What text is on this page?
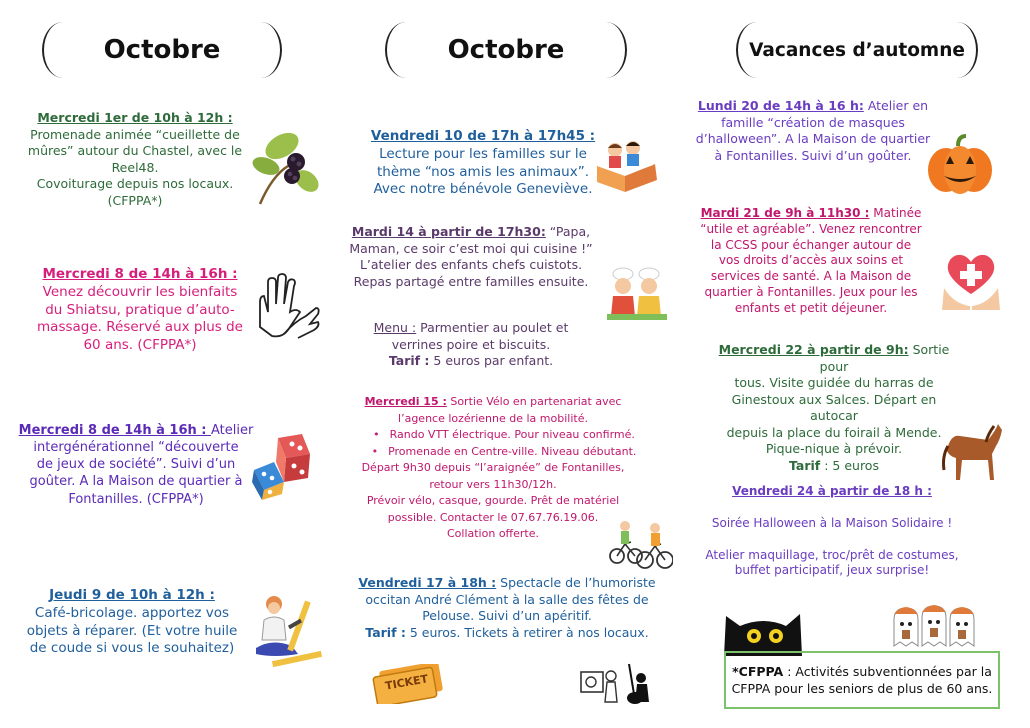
Octobre
Mercredi 1er de 10h à 12h :

Promenade animée “cueillette de

mûres” autour du Chastel, avec le

Reel48.

Covoiturage depuis nos locaux.

(CFPPA*)

Mercredi 8 de 14h à 16h :

Venez découvrir les bienfaits

du Shiatsu, pratique d’auto-

massage. Réservé aux plus de

60 ans. (CFPPA*)

Mercredi 8 de 14h à 16h : Atelier

intergénérationnel “découverte

de jeux de société”. Suivi d’un

goûter. A la Maison de quartier à

Fontanilles. (CFPPA*)

Jeudi 9 de 10h à 12h :

Café-bricolage. apportez vos

objets à réparer. (Et votre huile

de coude si vous le souhaitez)

Octobre
Vendredi 10 de 17h à 17h45 :

Lecture pour les familles sur le

thème “nos amis les animaux”.

Avec notre bénévole Geneviève.

Mardi 14 à partir de 17h30: “Papa,

Maman, ce soir c’est moi qui cuisine !”

L’atelier des enfants chefs cuistots.

Repas partagé entre familles ensuite.

Menu : Parmentier au poulet et

verrines poire et biscuits.

Tarif : 5 euros par enfant.
Mercredi 15 : Sortie Vélo en partenariat avec

l’agence lozérienne de la mobilité.

• Rando VTT électrique. Pour niveau confirmé.
• Promenade en Centre-ville. Niveau débutant.

Départ 9h30 depuis “l’araignée” de Fontanilles,

retour vers 11h30/12h.

Prévoir vélo, casque, gourde. Prêt de matériel

possible. Contacter le 07.67.76.19.06.

Collation offerte.

Vendredi 17 à 18h : Spectacle de l’humoriste

occitan André Clément à la salle des fêtes de

Pelouse. Suivi d’un apéritif.

Tarif : 5 euros. Tickets à retirer à nos locaux.
TICKET
Vacances d’automne
Lundi 20 de 14h à 16 h: Atelier en

famille “création de masques

d’halloween”. A la Maison de quartier

à Fontanilles. Suivi d’un goûter.

Mardi 21 de 9h à 11h30 : Matinée

“utile et agréable”. Venez rencontrer

la CCSS pour échanger autour de

vos droits d’accès aux soins et

services de santé. A la Maison de

quartier à Fontanilles. Jeux pour les

enfants et petit déjeuner.

Mercredi 22 à partir de 9h: Sortie pour

tous. Visite guidée du harras de

Ginestoux aux Salces. Départ en autocar

depuis la place du foirail à Mende.

Pique-nique à prévoir.

Tarif : 5 euros
Vendredi 24 à partir de 18 h :

Soirée Halloween à la Maison Solidaire !

Atelier maquillage, troc/prêt de costumes,

buffet participatif, jeux surprise!

*CFPPA : Activités subventionnées par la
CFPPA pour les seniors de plus de 60 ans.
